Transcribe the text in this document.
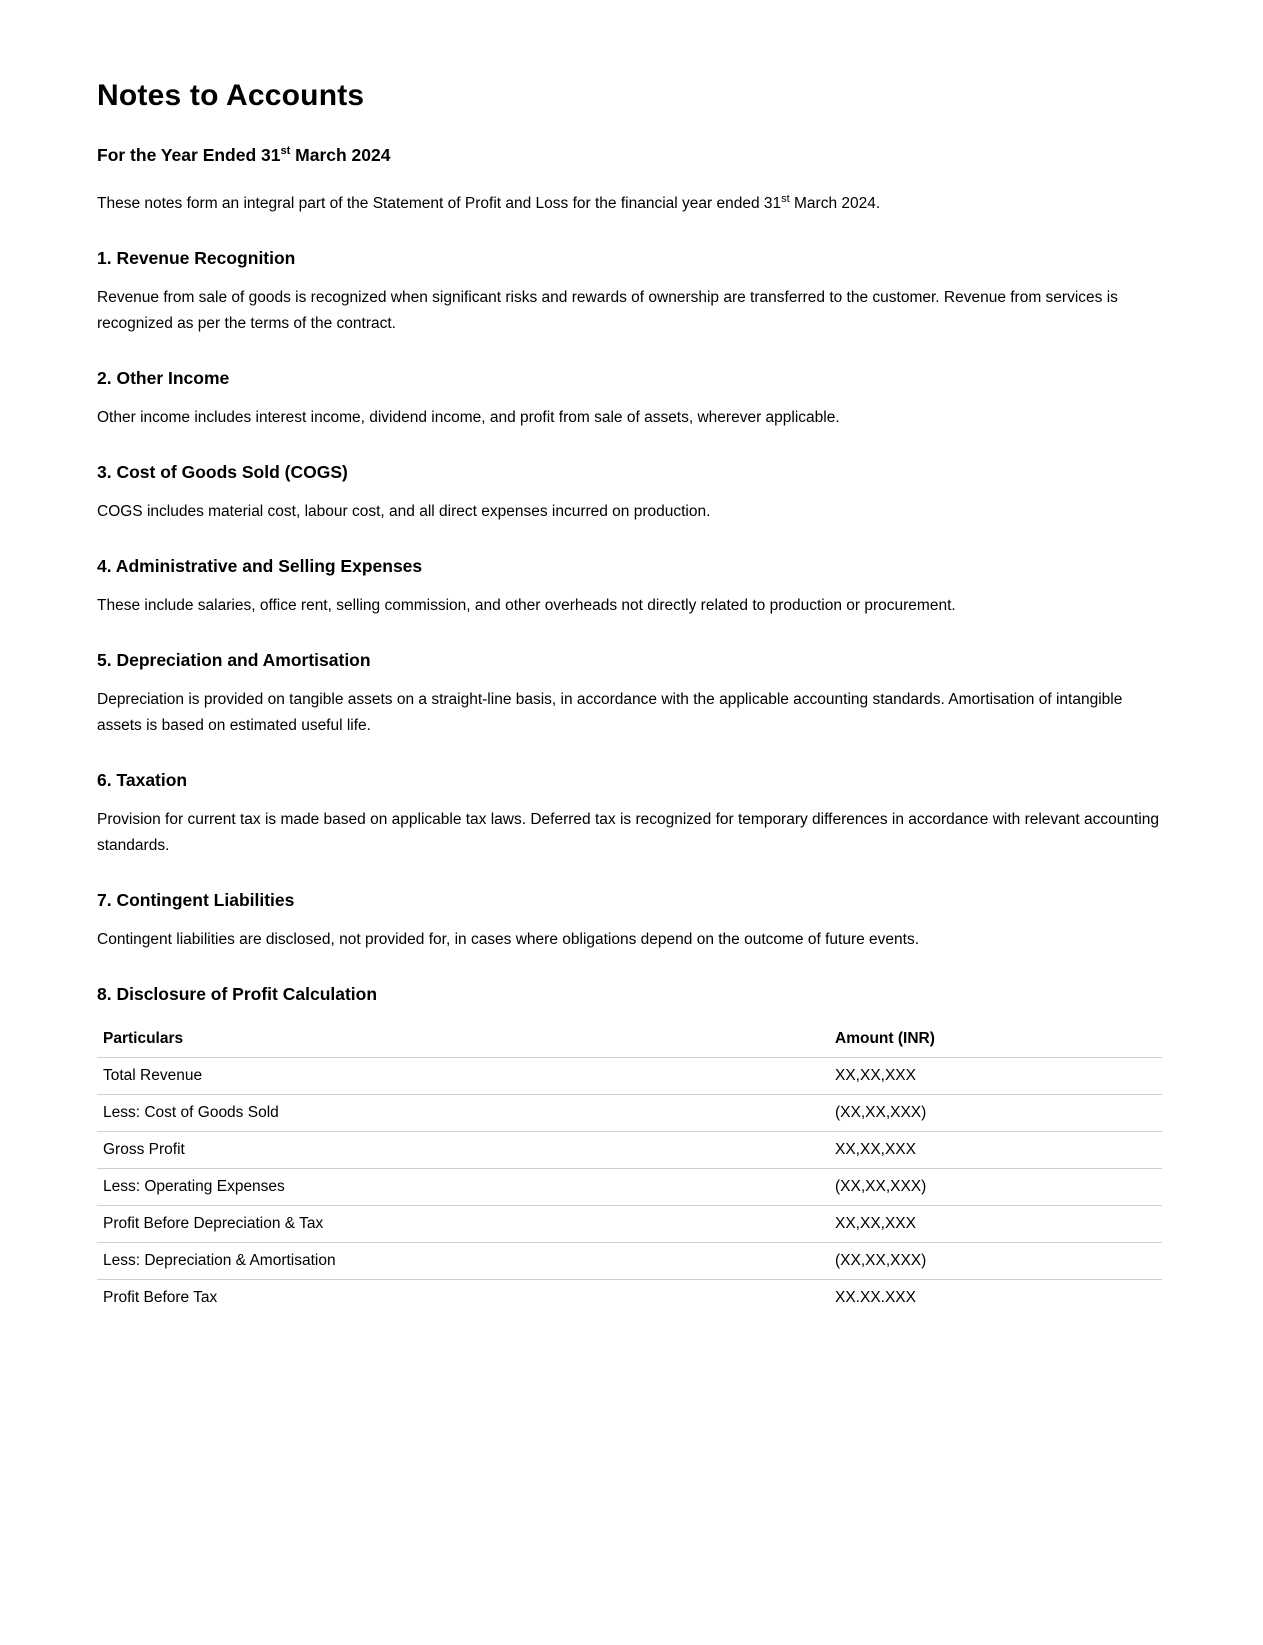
Notes to Accounts
For the Year Ended 31st March 2024

These notes form an integral part of the Statement of Profit and Loss for the financial year ended 31st March 2024.

1. Revenue Recognition

Revenue from sale of goods is recognized when significant risks and rewards of ownership are transferred to the customer. Revenue from services is recognized as per the terms of the contract.

2. Other Income

Other income includes interest income, dividend income, and profit from sale of assets, wherever applicable.

3. Cost of Goods Sold (COGS)

COGS includes material cost, labour cost, and all direct expenses incurred on production.

4. Administrative and Selling Expenses

These include salaries, office rent, selling commission, and other overheads not directly related to production or procurement.

5. Depreciation and Amortisation

Depreciation is provided on tangible assets on a straight-line basis, in accordance with the applicable accounting standards. Amortisation of intangible assets is based on estimated useful life.

6. Taxation

Provision for current tax is made based on applicable tax laws. Deferred tax is recognized for temporary differences in accordance with relevant accounting standards.

7. Contingent Liabilities

Contingent liabilities are disclosed, not provided for, in cases where obligations depend on the outcome of future events.

8. Disclosure of Profit Calculation
Particulars	Amount (INR)
Total Revenue	XX,XX,XXX
Less: Cost of Goods Sold	(XX,XX,XXX)
Gross Profit	XX,XX,XXX
Less: Operating Expenses	(XX,XX,XXX)
Profit Before Depreciation & Tax	XX,XX,XXX
Less: Depreciation & Amortisation	(XX,XX,XXX)
Profit Before Tax	XX.XX.XXX
